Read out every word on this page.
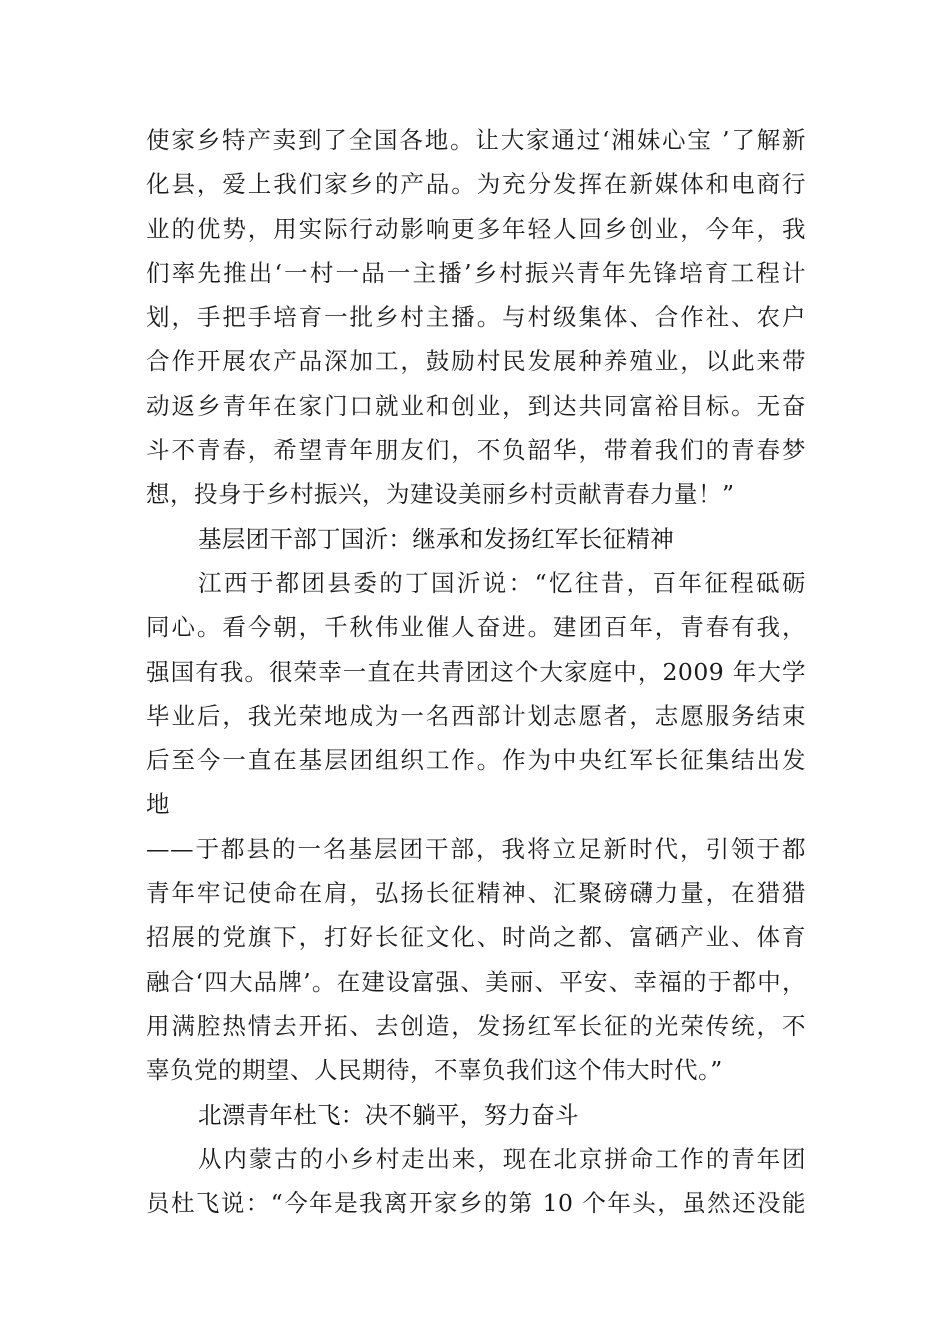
使家乡特产卖到了全国各地。让大家通过‘湘妹心宝 ’了解新
化县，爱上我们家乡的产品。为充分发挥在新媒体和电商行
业的优势，用实际行动影响更多年轻人回乡创业，今年，我
们率先推出‘一村一品一主播’乡村振兴青年先锋培育工程计
划，手把手培育一批乡村主播。与村级集体、合作社、农户
合作开展农产品深加工，鼓励村民发展种养殖业，以此来带
动返乡青年在家门口就业和创业，到达共同富裕目标。无奋
斗不青春，希望青年朋友们，不负韶华，带着我们的青春梦
想，投身于乡村振兴，为建设美丽乡村贡献青春力量！”
基层团干部丁国沂：继承和发扬红军长征精神
江西于都团县委的丁国沂说：“忆往昔，百年征程砥砺
同心。看今朝，千秋伟业催人奋进。建团百年，青春有我，
强国有我。很荣幸一直在共青团这个大家庭中，2009 年大学
毕业后，我光荣地成为一名西部计划志愿者，志愿服务结束
后至今一直在基层团组织工作。作为中央红军长征集结出发
地
——于都县的一名基层团干部，我将立足新时代，引领于都
青年牢记使命在肩，弘扬长征精神、汇聚磅礴力量，在猎猎
招展的党旗下，打好长征文化、时尚之都、富硒产业、体育
融合‘四大品牌’。在建设富强、美丽、平安、幸福的于都中，
用满腔热情去开拓、去创造，发扬红军长征的光荣传统，不
辜负党的期望、人民期待，不辜负我们这个伟大时代。”
北漂青年杜飞：决不躺平，努力奋斗
从内蒙古的小乡村走出来，现在北京拼命工作的青年团
员杜飞说：“今年是我离开家乡的第 10 个年头，虽然还没能
